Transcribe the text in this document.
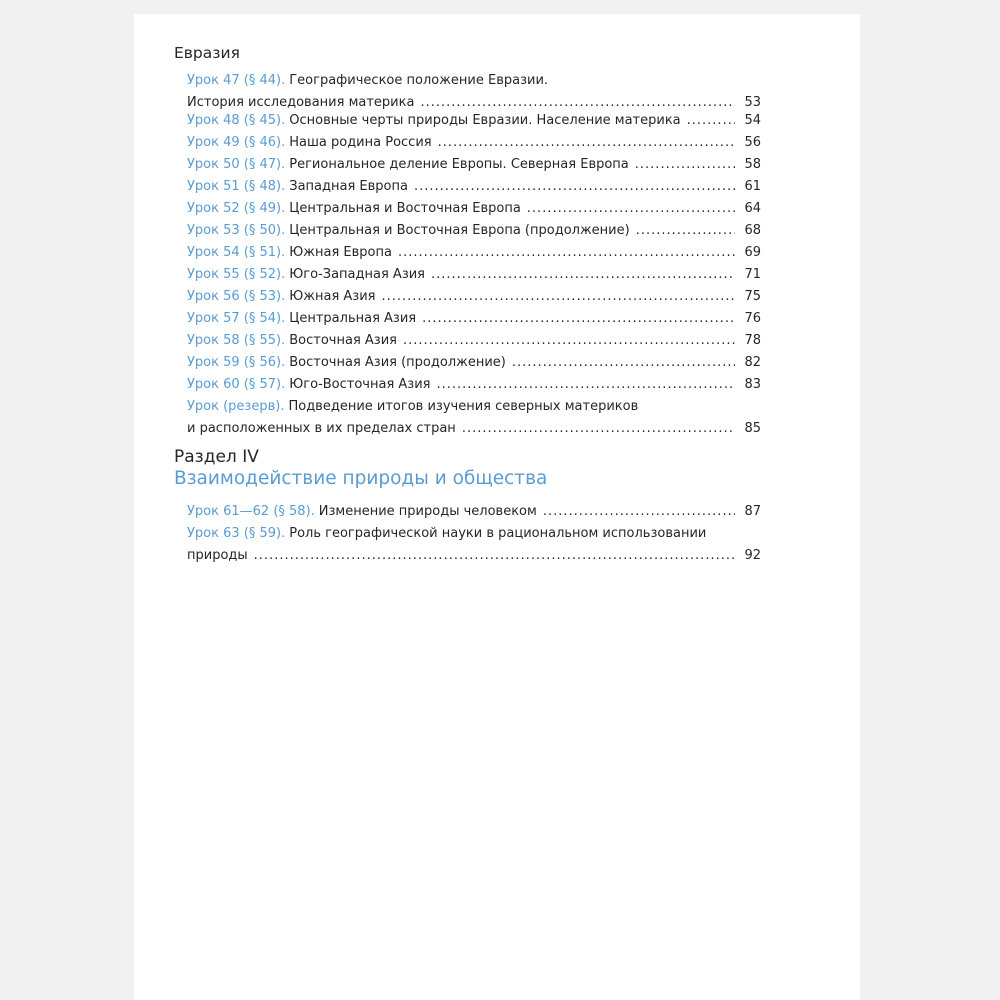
Евразия
Урок 47 (§ 44). Географическое положение Евразии.
История исследования материка .....	53
Урок 48 (§ 45). Основные черты природы Евразии. Население материка .....	54
Урок 49 (§ 46). Наша родина Россия .....	56
Урок 50 (§ 47). Региональное деление Европы. Северная Европа .....	58
Урок 51 (§ 48). Западная Европа .....	61
Урок 52 (§ 49). Центральная и Восточная Европа .....	64
Урок 53 (§ 50). Центральная и Восточная Европа (продолжение) .....	68
Урок 54 (§ 51). Южная Европа .....	69
Урок 55 (§ 52). Юго-Западная Азия .....	71
Урок 56 (§ 53). Южная Азия .....	75
Урок 57 (§ 54). Центральная Азия .....	76
Урок 58 (§ 55). Восточная Азия .....	78
Урок 59 (§ 56). Восточная Азия (продолжение) .....	82
Урок 60 (§ 57). Юго-Восточная Азия .....	83
Урок (резерв). Подведение итогов изучения северных материков
и расположенных в их пределах стран .....	85
Раздел IV
Взаимодействие природы и общества
Урок 61—62 (§ 58). Изменение природы человеком .....	87
Урок 63 (§ 59). Роль географической науки в рациональном использовании
природы .....	92
